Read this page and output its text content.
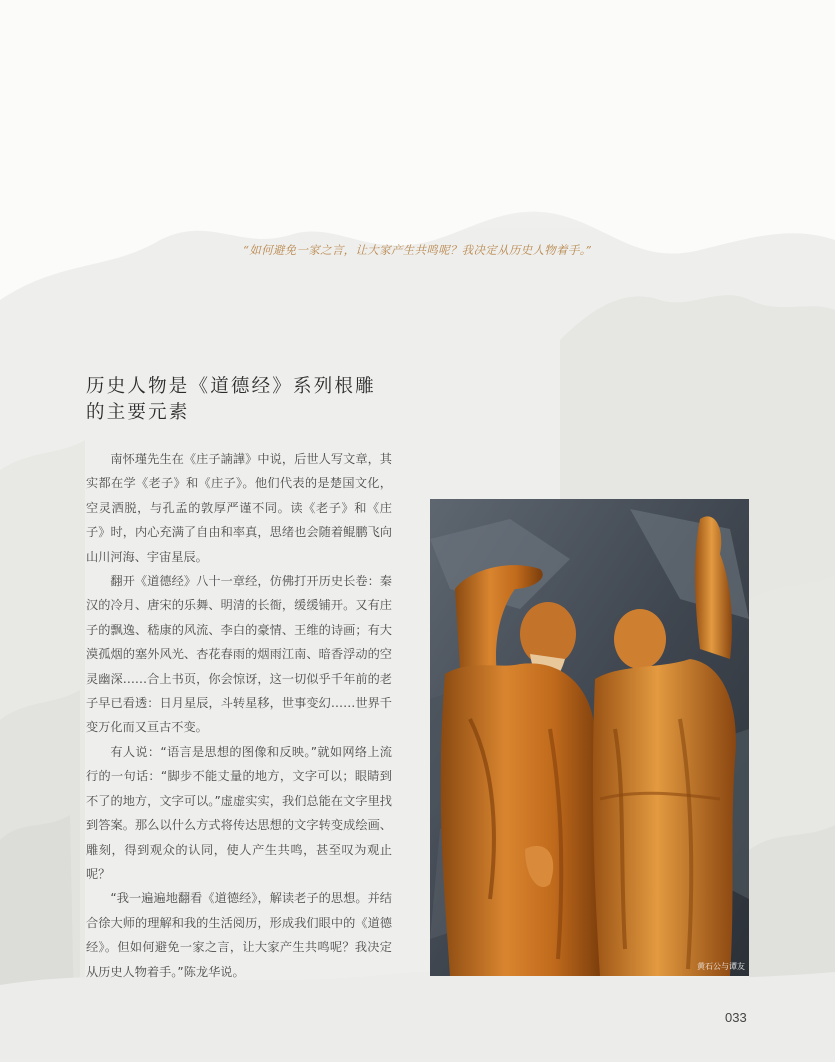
“如何避免一家之言，让大家产生共鸣呢？我决定从历史人物着手。”
历史人物是《道德经》系列根雕
的主要元素

南怀瑾先生在《庄子諵譁》中说，后世人写文章，其实都在学《老子》和《庄子》。他们代表的是楚国文化，空灵洒脱，与孔孟的敦厚严谨不同。读《老子》和《庄子》时，内心充满了自由和率真，思绪也会随着鲲鹏飞向山川河海、宇宙星辰。

翻开《道德经》八十一章经，仿佛打开历史长卷：秦汉的冷月、唐宋的乐舞、明清的长衙，缓缓铺开。又有庄子的飘逸、嵇康的风流、李白的豪情、王维的诗画；有大漠孤烟的塞外风光、杏花春雨的烟雨江南、暗香浮动的空灵幽深……合上书页，你会惊讶，这一切似乎千年前的老子早已看透：日月星辰，斗转星移，世事变幻……世界千变万化而又亘古不变。

有人说：“语言是思想的图像和反映。”就如网络上流行的一句话：“脚步不能丈量的地方，文字可以；眼睛到不了的地方，文字可以。”虚虚实实，我们总能在文字里找到答案。那么以什么方式将传达思想的文字转变成绘画、雕刻，得到观众的认同，使人产生共鸣，甚至叹为观止呢？

“我一遍遍地翻看《道德经》，解读老子的思想。并结合徐大师的理解和我的生活阅历，形成我们眼中的《道德经》。但如何避免一家之言，让大家产生共鸣呢？我决定从历史人物着手。”陈龙华说。	黄石公与谭友
033
